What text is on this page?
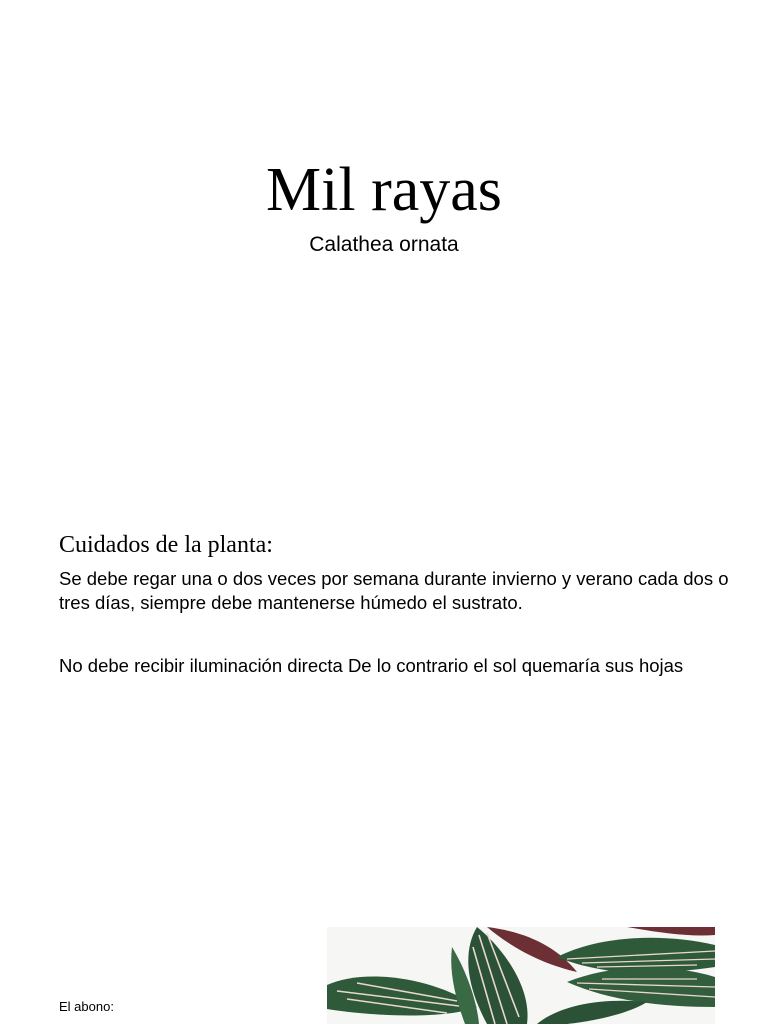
Mil rayas
Calathea ornata
Cuidados de la planta:

Se debe regar una o dos veces por semana durante invierno y verano cada dos o tres días, siempre debe mantenerse húmedo el sustrato.

No debe recibir iluminación directa De lo contrario el sol quemaría sus hojas

El abono:
